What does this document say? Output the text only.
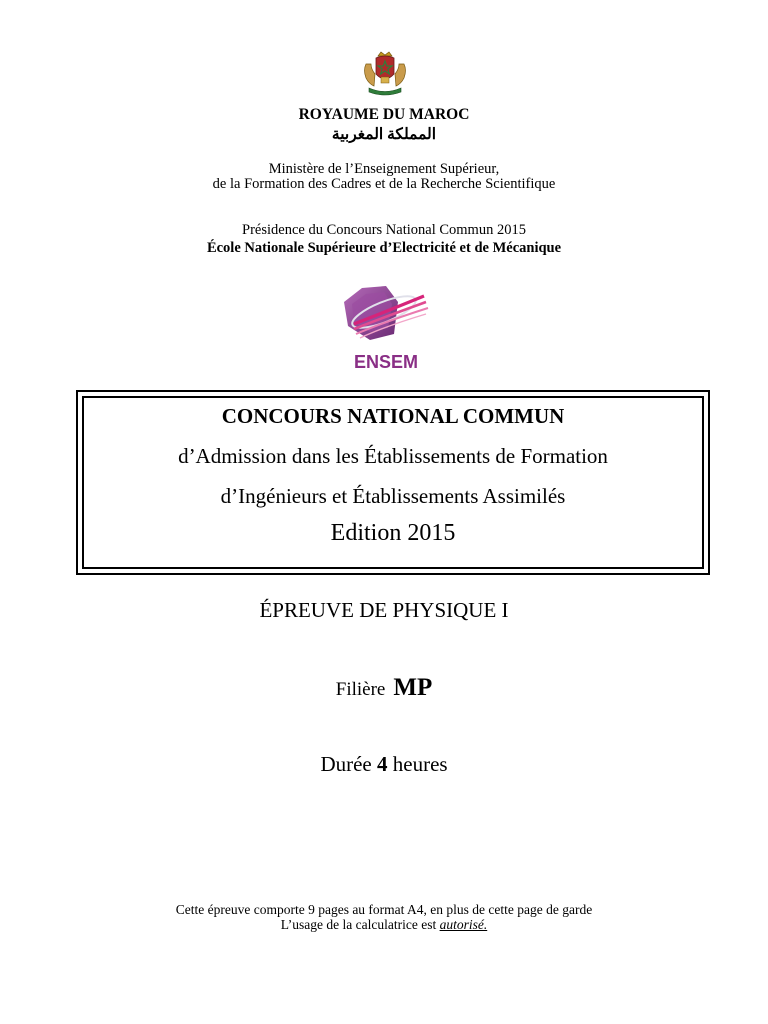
ROYAUME DU MAROC
المملكة المغربية
Ministère de l’Enseignement Supérieur,
de la Formation des Cadres et de la Recherche Scientifique
Présidence du Concours National Commun 2015
École Nationale Supérieure d’Electricité et de Mécanique
ENSEM
CONCOURS NATIONAL COMMUN
d’Admission dans les Établissements de Formation
d’Ingénieurs et Établissements Assimilés
Edition 2015
ÉPREUVE DE PHYSIQUE I
Filière MP
Durée 4 heures
Cette épreuve comporte 9 pages au format A4, en plus de cette page de garde
L’usage de la calculatrice est autorisé.
